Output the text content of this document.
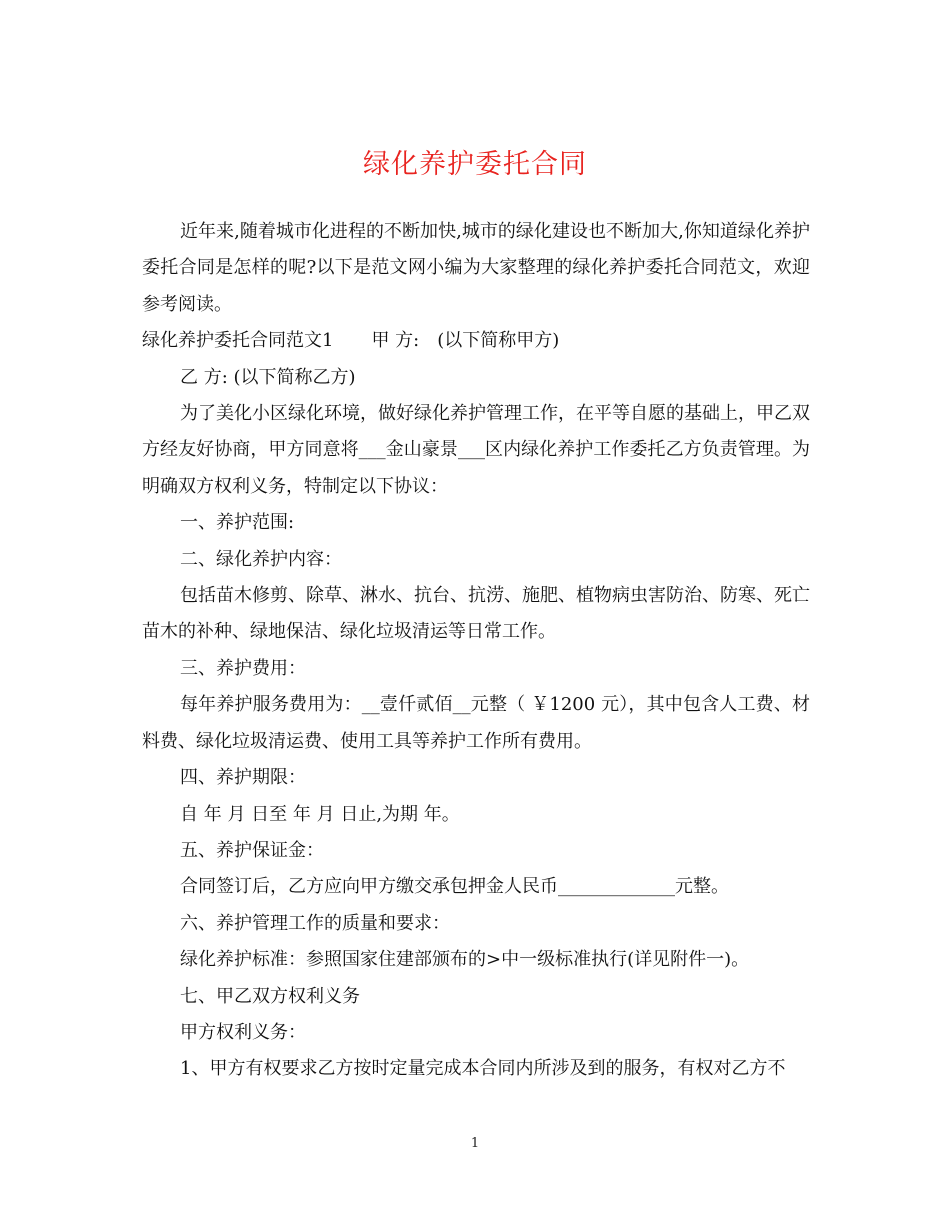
绿化养护委托合同

近年来,随着城市化进程的不断加快,城市的绿化建设也不断加大,你知道绿化养护委托合同是怎样的呢?以下是范文网小编为大家整理的绿化养护委托合同范文，欢迎参考阅读。

绿化养护委托合同范文1 甲 方: (以下简称甲方)

乙 方: (以下简称乙方)

为了美化小区绿化环境，做好绿化养护管理工作，在平等自愿的基础上，甲乙双方经友好协商，甲方同意将___金山豪景___区内绿化养护工作委托乙方负责管理。为明确双方权利义务，特制定以下协议：

一、养护范围:

二、绿化养护内容：

包括苗木修剪、除草、淋水、抗台、抗涝、施肥、植物病虫害防治、防寒、死亡苗木的补种、绿地保洁、绿化垃圾清运等日常工作。

三、养护费用：

每年养护服务费用为：__壹仟贰佰__元整（ ￥1200 元），其中包含人工费、材料费、绿化垃圾清运费、使用工具等养护工作所有费用。

四、养护期限：

自 年 月 日至 年 月 日止,为期 年。

五、养护保证金：

合同签订后，乙方应向甲方缴交承包押金人民币_____________元整。

六、养护管理工作的质量和要求：

绿化养护标准：参照国家住建部颁布的>中一级标准执行(详见附件一)。

七、甲乙双方权利义务

甲方权利义务：

1、甲方有权要求乙方按时定量完成本合同内所涉及到的服务，有权对乙方不

1
